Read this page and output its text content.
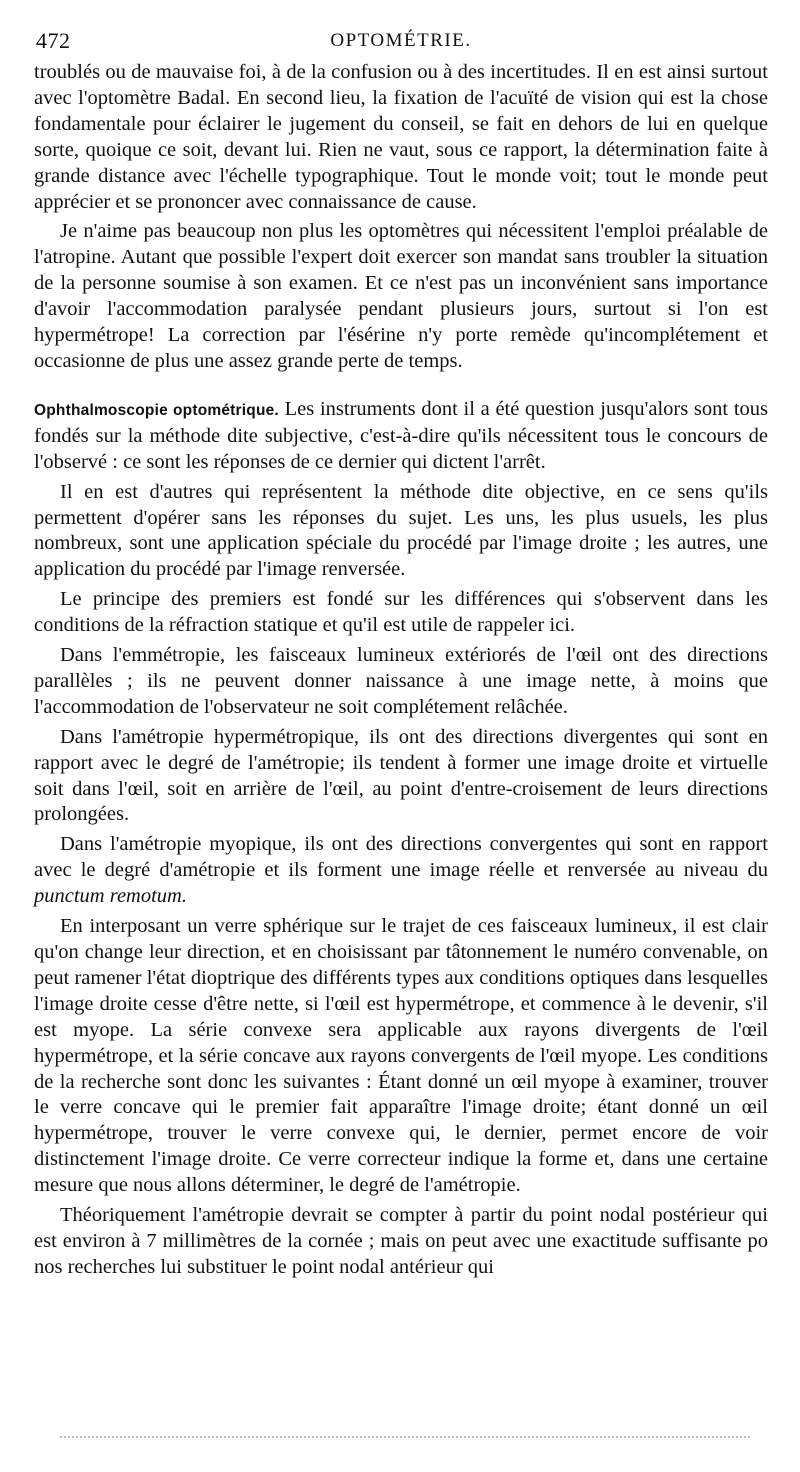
472	OPTOMÉTRIE.

troublés ou de mauvaise foi, à de la confusion ou à des incertitudes. Il en est ainsi surtout avec l'optomètre Badal. En second lieu, la fixation de l'acuïté de vision qui est la chose fondamentale pour éclairer le jugement du conseil, se fait en dehors de lui en quelque sorte, quoique ce soit, devant lui. Rien ne vaut, sous ce rapport, la détermination faite à grande distance avec l'échelle typographique. Tout le monde voit; tout le monde peut apprécier et se prononcer avec connaissance de cause.

Je n'aime pas beaucoup non plus les optomètres qui nécessitent l'emploi préalable de l'atropine. Autant que possible l'expert doit exercer son mandat sans troubler la situation de la personne soumise à son examen. Et ce n'est pas un inconvénient sans importance d'avoir l'accommodation paralysée pendant plusieurs jours, surtout si l'on est hypermétrope! La correction par l'ésérine n'y porte remède qu'incomplétement et occasionne de plus une assez grande perte de temps.

Ophthalmoscopie optométrique. Les instruments dont il a été question jusqu'alors sont tous fondés sur la méthode dite subjective, c'est-à-dire qu'ils nécessitent tous le concours de l'observé : ce sont les réponses de ce dernier qui dictent l'arrêt.

Il en est d'autres qui représentent la méthode dite objective, en ce sens qu'ils permettent d'opérer sans les réponses du sujet. Les uns, les plus usuels, les plus nombreux, sont une application spéciale du procédé par l'image droite ; les autres, une application du procédé par l'image renversée.

Le principe des premiers est fondé sur les différences qui s'observent dans les conditions de la réfraction statique et qu'il est utile de rappeler ici.

Dans l'emmétropie, les faisceaux lumineux extériorés de l'œil ont des directions parallèles ; ils ne peuvent donner naissance à une image nette, à moins que l'accommodation de l'observateur ne soit complétement relâchée.

Dans l'amétropie hypermétropique, ils ont des directions divergentes qui sont en rapport avec le degré de l'amétropie; ils tendent à former une image droite et virtuelle soit dans l'œil, soit en arrière de l'œil, au point d'entre-croisement de leurs directions prolongées.

Dans l'amétropie myopique, ils ont des directions convergentes qui sont en rapport avec le degré d'amétropie et ils forment une image réelle et renversée au niveau du punctum remotum.

En interposant un verre sphérique sur le trajet de ces faisceaux lumineux, il est clair qu'on change leur direction, et en choisissant par tâtonnement le numéro convenable, on peut ramener l'état dioptrique des différents types aux conditions optiques dans lesquelles l'image droite cesse d'être nette, si l'œil est hypermétrope, et commence à le devenir, s'il est myope. La série convexe sera applicable aux rayons divergents de l'œil hypermétrope, et la série concave aux rayons convergents de l'œil myope. Les conditions de la recherche sont donc les suivantes : Étant donné un œil myope à examiner, trouver le verre concave qui le premier fait apparaître l'image droite; étant donné un œil hypermétrope, trouver le verre convexe qui, le dernier, permet encore de voir distinctement l'image droite. Ce verre correcteur indique la forme et, dans une certaine mesure que nous allons déterminer, le degré de l'amétropie.

Théoriquement l'amétropie devrait se compter à partir du point nodal postérieur qui est environ à 7 millimètres de la cornée ; mais on peut avec une exactitude suffisante po nos recherches lui substituer le point nodal antérieur qui
